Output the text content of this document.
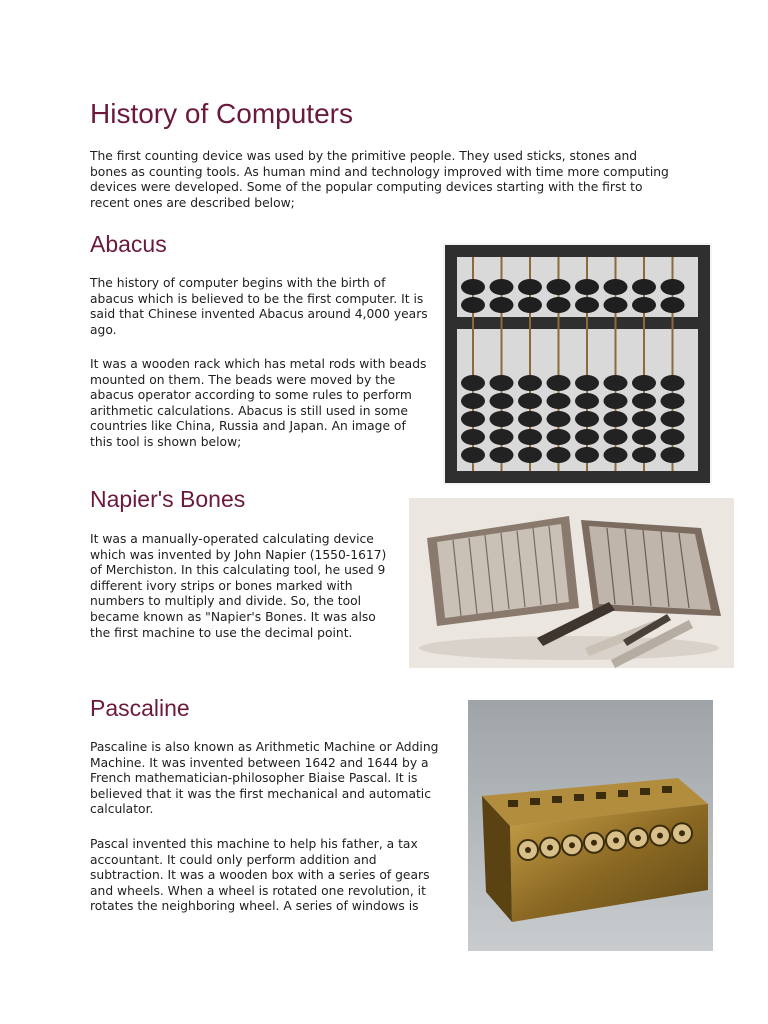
History of Computers

The first counting device was used by the primitive people. They used sticks, stones and bones as counting tools. As human mind and technology improved with time more computing devices were developed. Some of the popular computing devices starting with the first to recent ones are described below;

Abacus

The history of computer begins with the birth of abacus which is believed to be the first computer. It is said that Chinese invented Abacus around 4,000 years ago.

It was a wooden rack which has metal rods with beads mounted on them. The beads were moved by the abacus operator according to some rules to perform arithmetic calculations. Abacus is still used in some countries like China, Russia and Japan. An image of this tool is shown below;

Napier's Bones

It was a manually-operated calculating device which was invented by John Napier (1550-1617) of Merchiston. In this calculating tool, he used 9 different ivory strips or bones marked with numbers to multiply and divide. So, the tool became known as "Napier's Bones. It was also the first machine to use the decimal point.

Pascaline

Pascaline is also known as Arithmetic Machine or Adding Machine. It was invented between 1642 and 1644 by a French mathematician-philosopher Biaise Pascal. It is believed that it was the first mechanical and automatic calculator.

Pascal invented this machine to help his father, a tax accountant. It could only perform addition and subtraction. It was a wooden box with a series of gears and wheels. When a wheel is rotated one revolution, it rotates the neighboring wheel. A series of windows is
